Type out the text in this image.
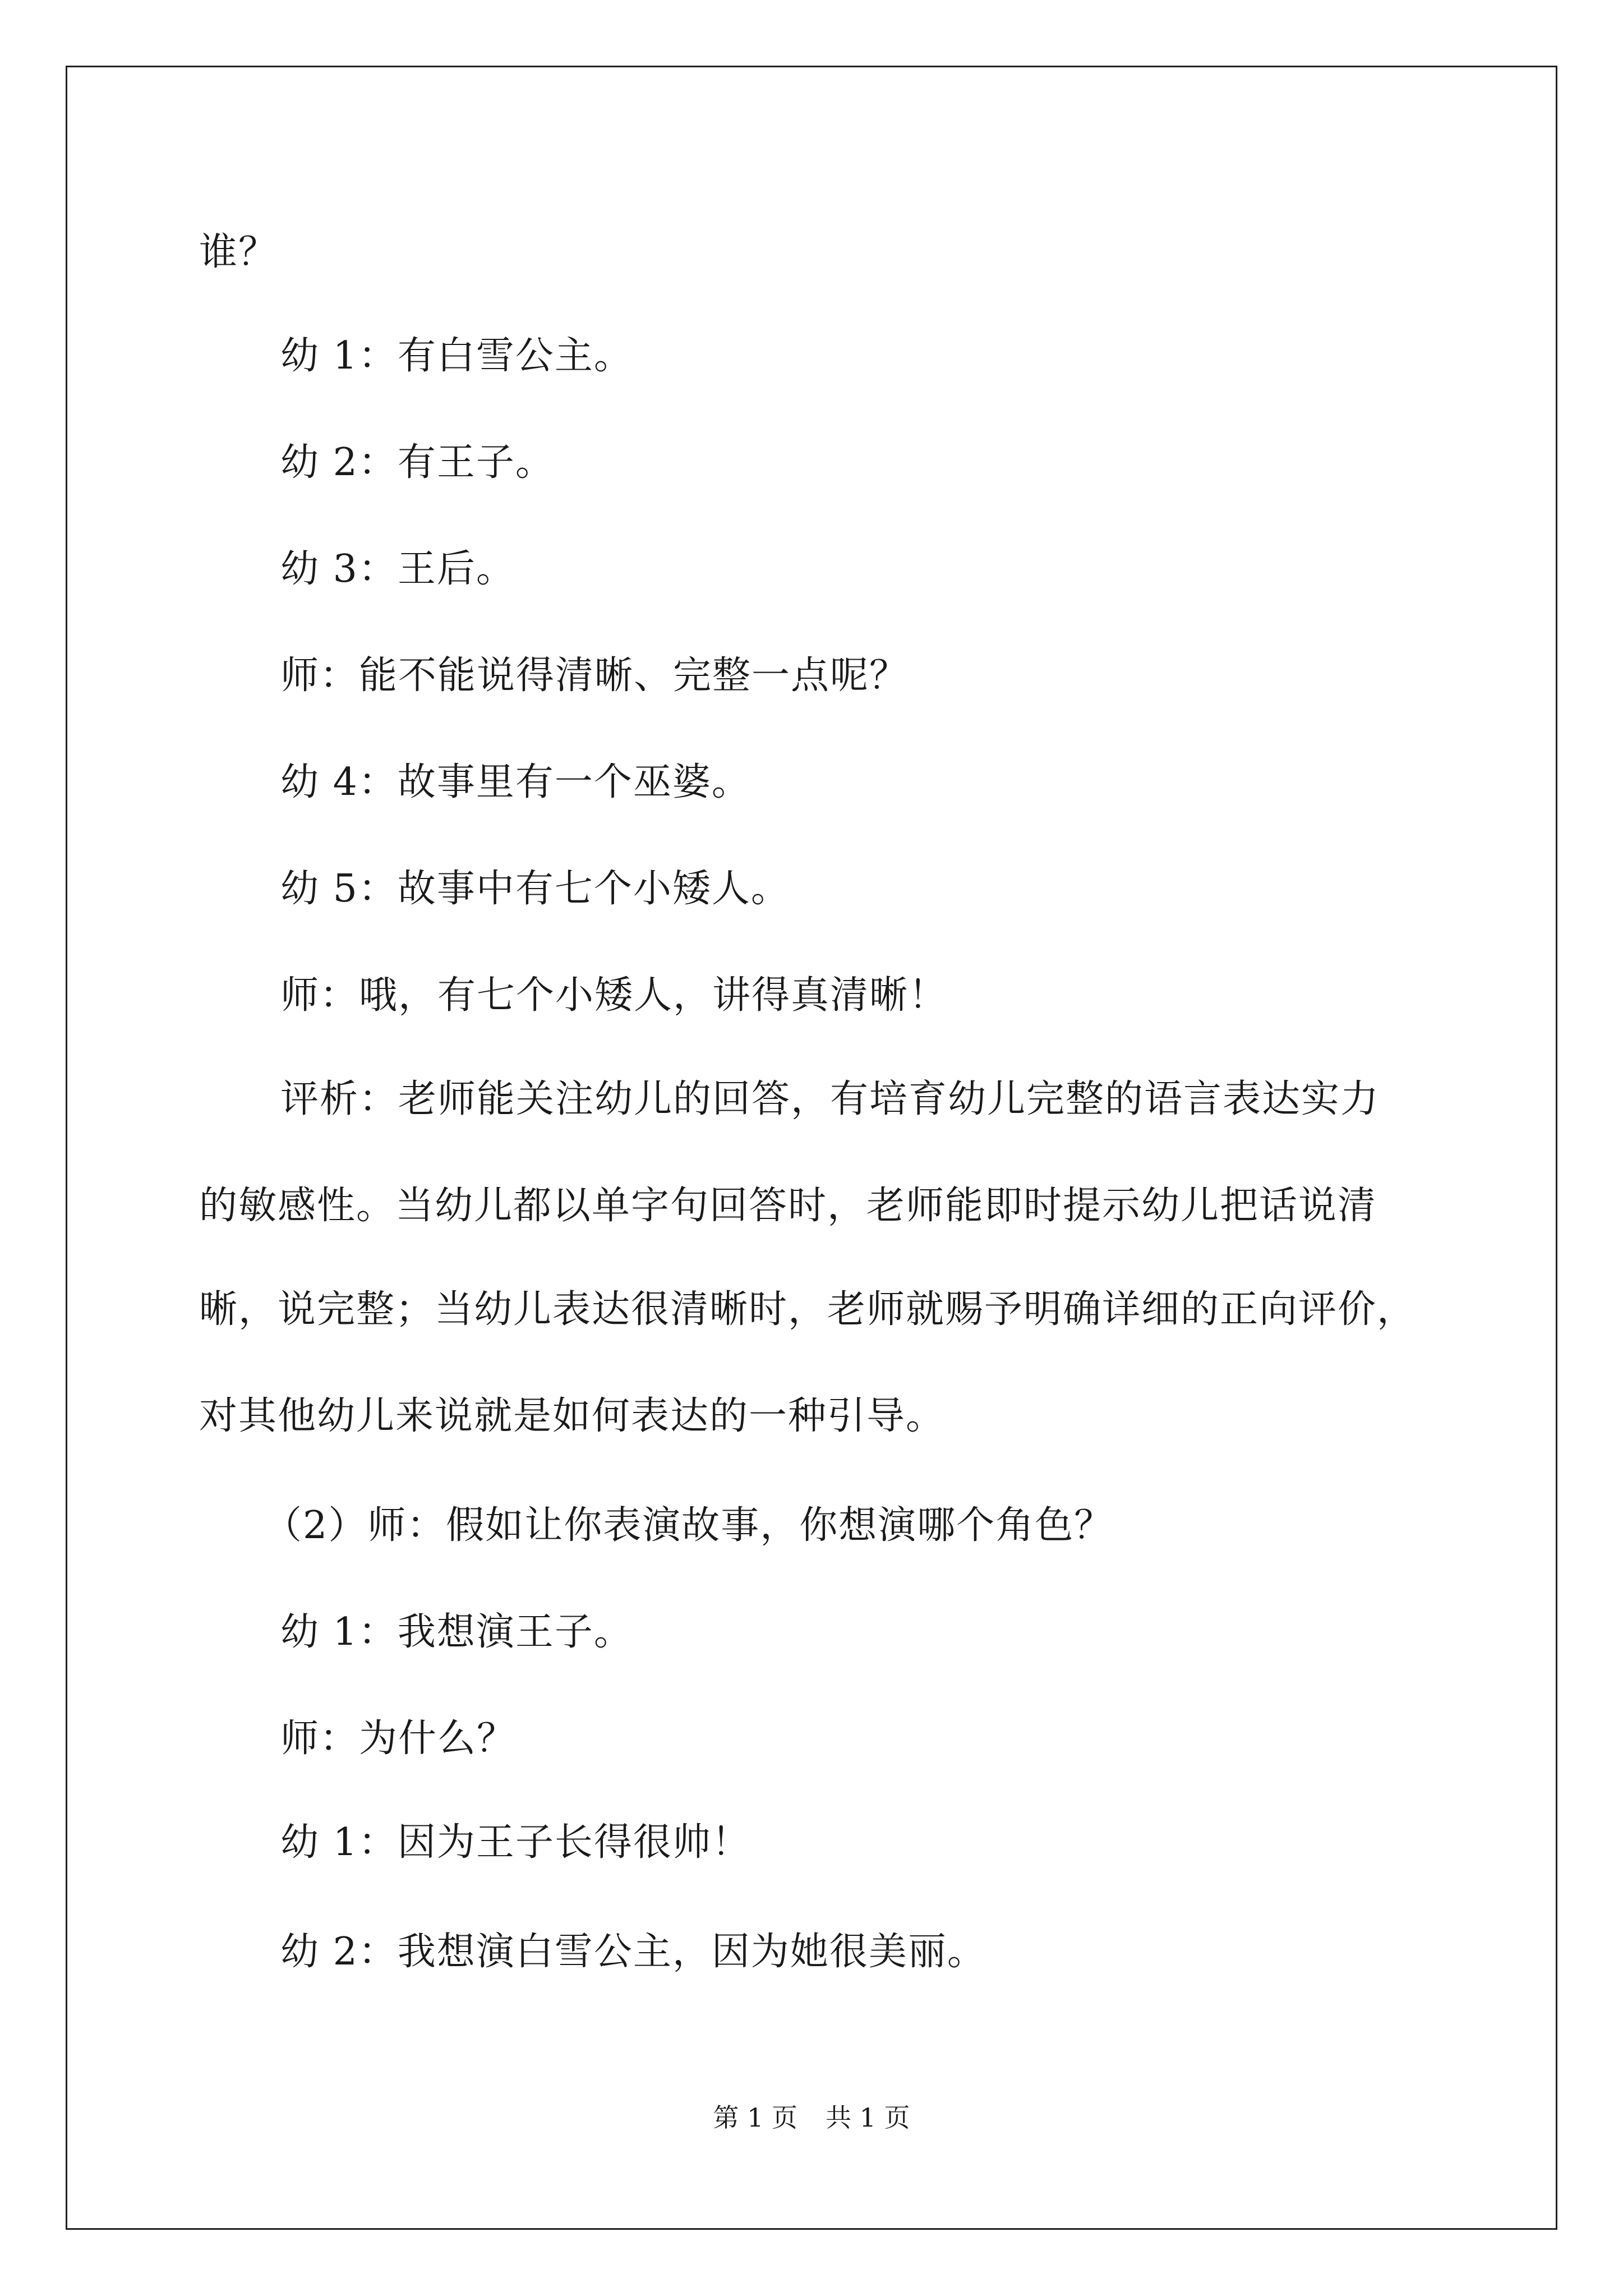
谁？
幼 1：有白雪公主。
幼 2：有王子。
幼 3：王后。
师：能不能说得清晰、完整一点呢？
幼 4：故事里有一个巫婆。
幼 5：故事中有七个小矮人。
师：哦，有七个小矮人，讲得真清晰！
评析：老师能关注幼儿的回答，有培育幼儿完整的语言表达实力
的敏感性。当幼儿都以单字句回答时，老师能即时提示幼儿把话说清
晰，说完整；当幼儿表达很清晰时，老师就赐予明确详细的正向评价，
对其他幼儿来说就是如何表达的一种引导。
（2）师：假如让你表演故事，你想演哪个角色？
幼 1：我想演王子。
师：为什么？
幼 1：因为王子长得很帅！
幼 2：我想演白雪公主，因为她很美丽。
第 1 页 共 1 页
